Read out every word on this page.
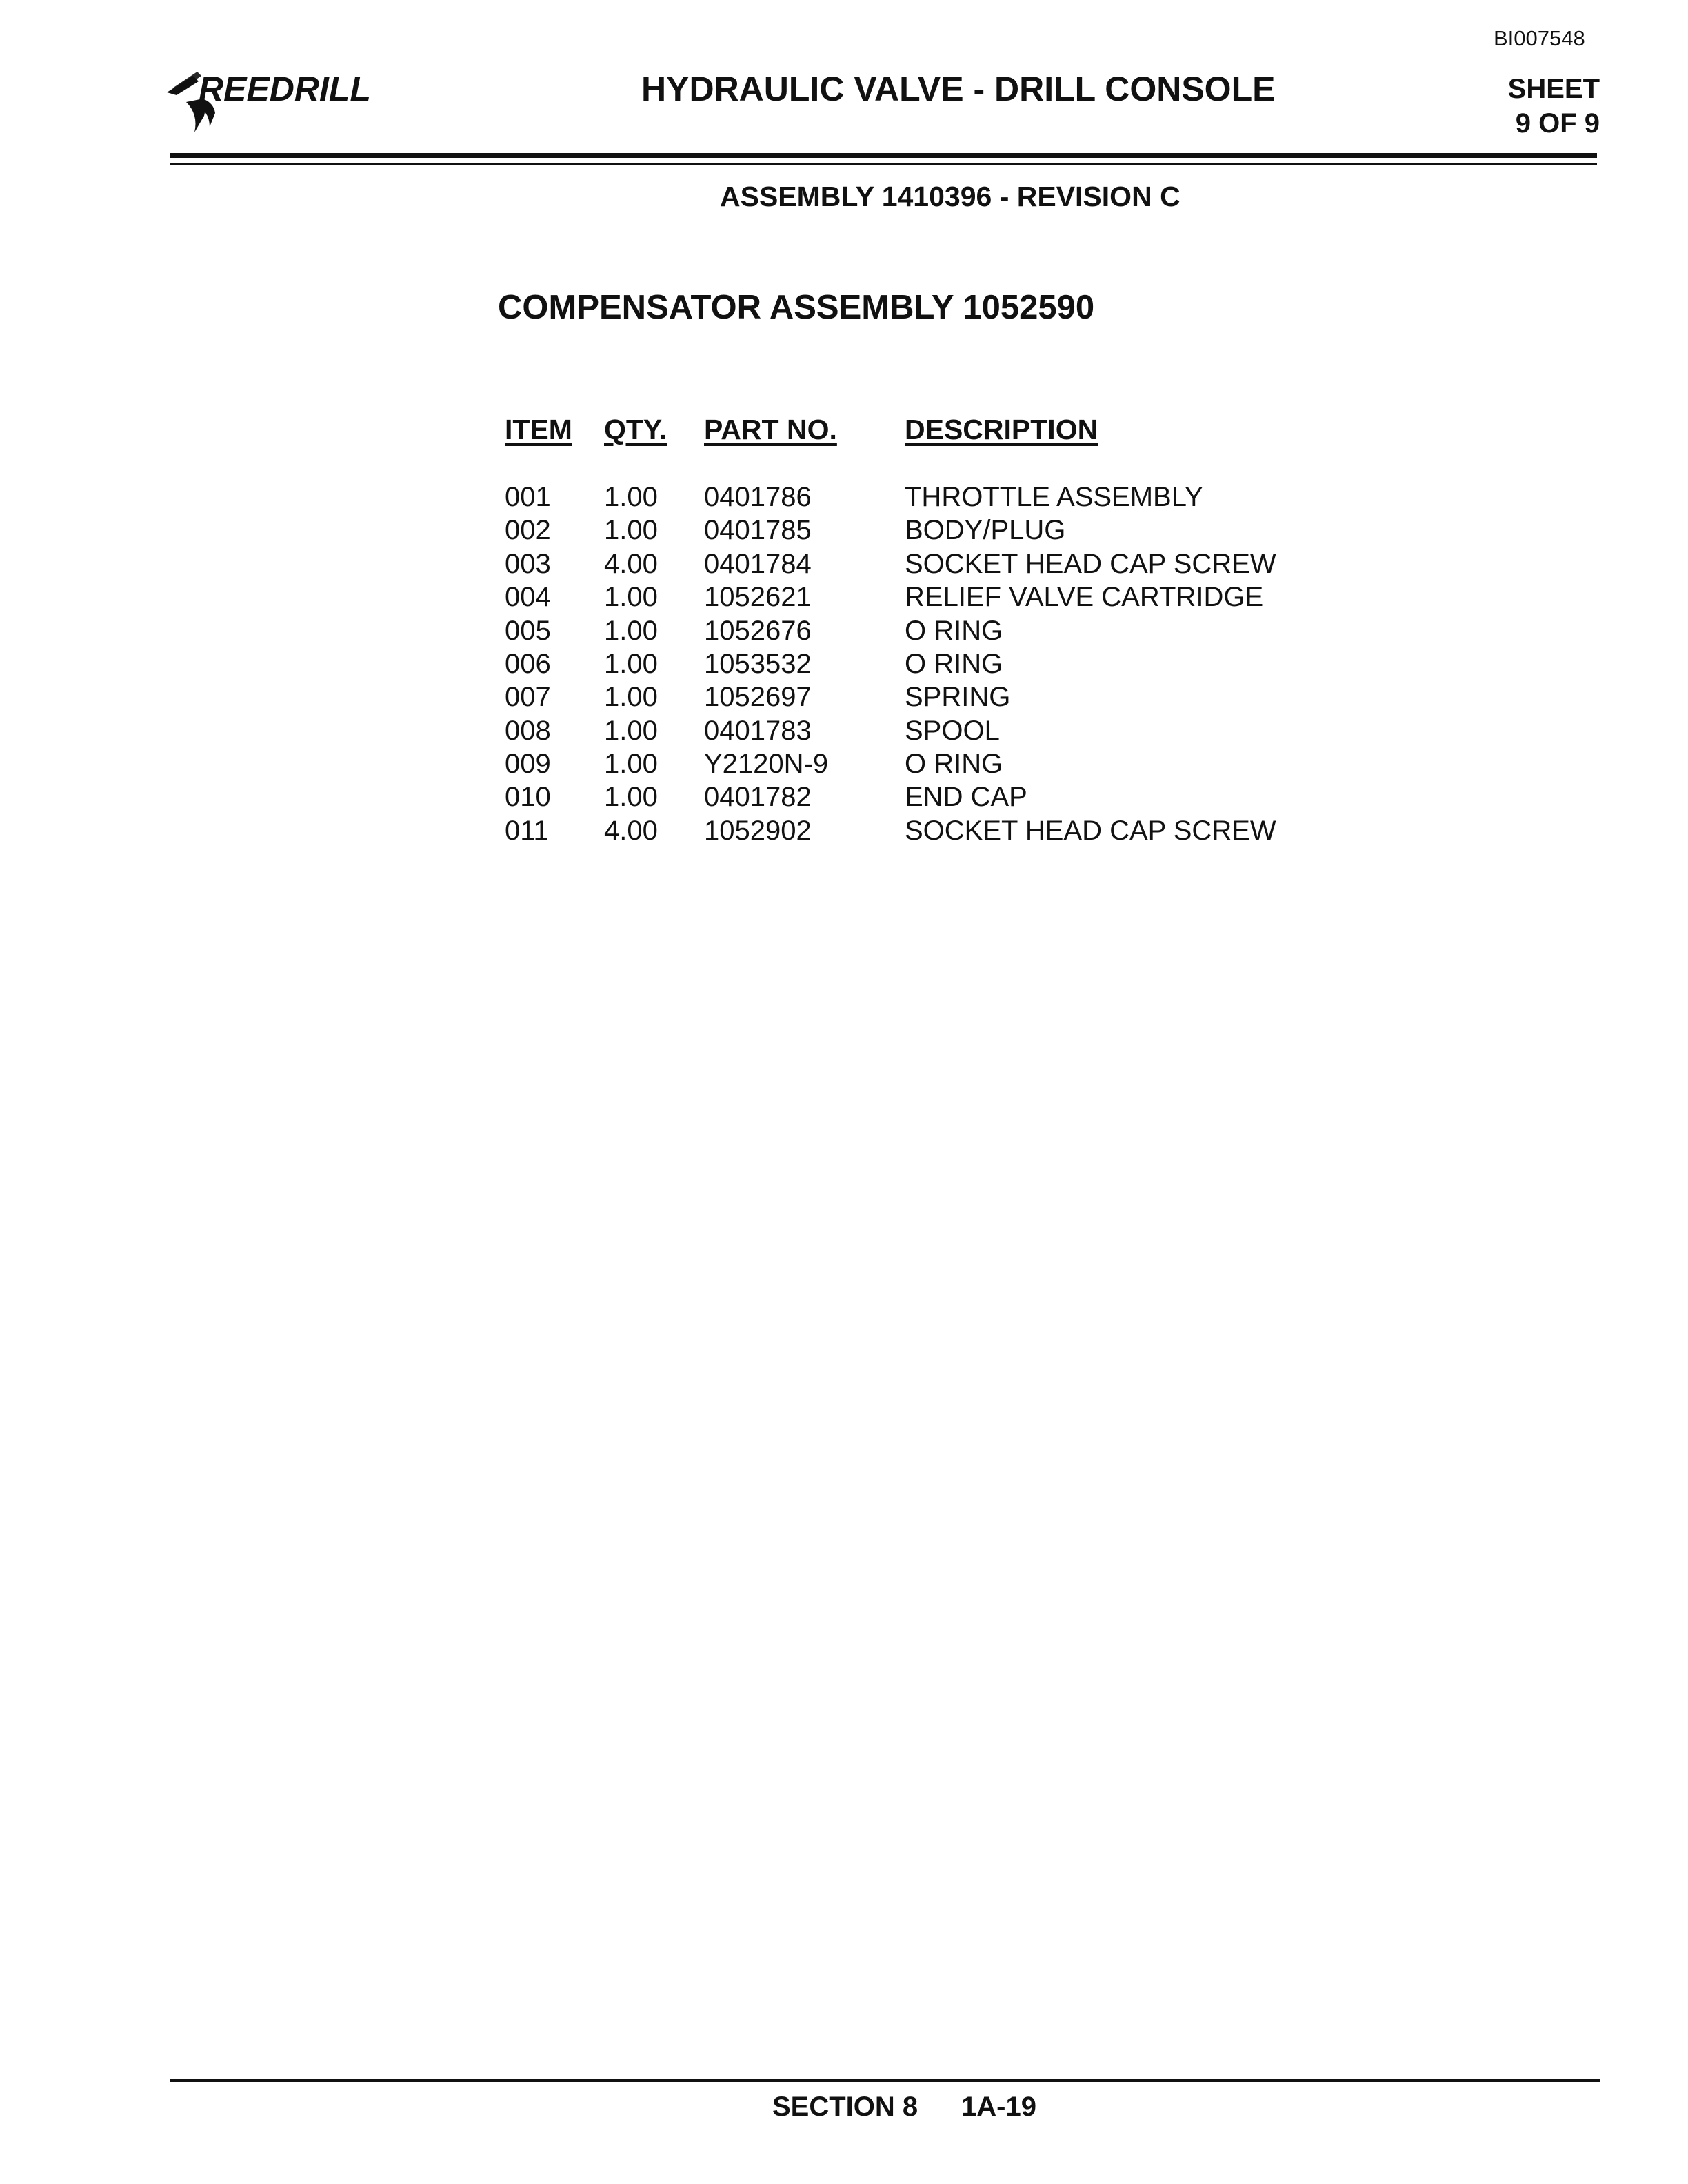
BI007548
REEDRILL	HYDRAULIC VALVE - DRILL CONSOLE	SHEET
9 OF 9
ASSEMBLY 1410396 - REVISION C
COMPENSATOR ASSEMBLY 1052590
ITEM QTY. PART NO. DESCRIPTION
001 1.00 0401786	THROTTLE ASSEMBLY
002 1.00 0401785	BODY/PLUG
003 4.00 0401784	SOCKET HEAD CAP SCREW
004 1.00 1052621	RELIEF VALVE CARTRIDGE
005 1.00 1052676	O RING
006 1.00 1053532	O RING
007 1.00 1052697	SPRING
008 1.00 0401783	SPOOL
009 1.00 Y2120N-9	O RING
010 1.00 0401782	END CAP
011 4.00 1052902	SOCKET HEAD CAP SCREW
SECTION 8 1A-19
